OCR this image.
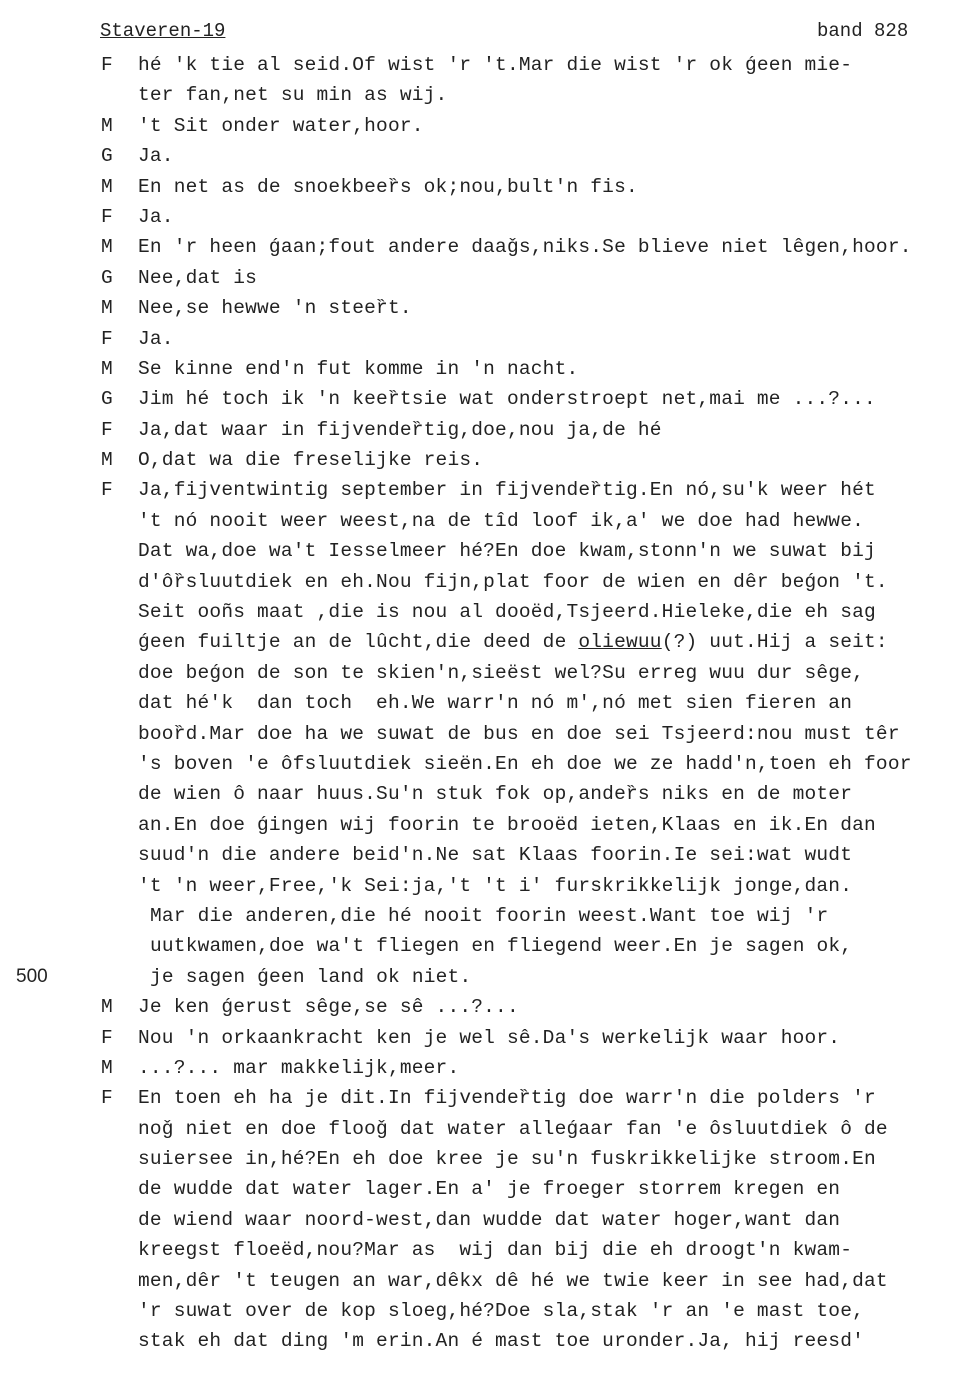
Staveren-19	band 828
F hé 'k tie al seid.Of wist 'r 't.Mar die wist 'r ok ǵeen mie-
ter fan,net su min as wij.
M 't Sit onder water,hoor.
G Ja.
M En net as de snoekbeeȑs ok;nou,bult'n fis.
F Ja.
M En 'r heen ǵaan;fout andere daaǧs,niks.Se blieve niet lêgen,hoor.
G Nee,dat is
M Nee,se hewwe 'n steeȑt.
F Ja.
M Se kinne end'n fut komme in 'n nacht.
G Jim hé toch ik 'n keeȑtsie wat onderstroept net,mai me ...?...
F Ja,dat waar in fijvendeȑtig,doe,nou ja,de hé
M O,dat wa die freselijke reis.
F Ja,fijventwintig september in fijvendeȑtig.En nó,su'k weer hét
't nó nooit weer weest,na de tîd loof ik,a' we doe had hewwe.
Dat wa,doe wa't Iesselmeer hé?En doe kwam,stonn'n we suwat bij
d'ôȑsluutdiek en eh.Nou fijn,plat foor de wien en dêr beǵon 't.
Seit ooñs maat ,die is nou al dooëd,Tsjeerd.Hieleke,die eh sag
ǵeen fuiltje an de lûcht,die deed de oliewuu(?) uut.Hij a seit:
doe beǵon de son te skien'n,sieëst wel?Su erreg wuu dur sêge,
dat hé'k  dan toch  eh.We warr'n nó m',nó met sien fieren an
booȑd.Mar doe ha we suwat de bus en doe sei Tsjeerd:nou must têr
's boven 'e ôfsluutdiek sieën.En eh doe we ze hadd'n,toen eh foor
de wien ô naar huus.Su'n stuk fok op,andeȑs niks en de moter
an.En doe ǵingen wij foorin te brooëd ieten,Klaas en ik.En dan
suud'n die andere beid'n.Ne sat Klaas foorin.Ie sei:wat wudt
't 'n weer,Free,'k Sei:ja,'t 't i' furskrikkelijk jonge,dan.
Mar die anderen,die hé nooit foorin weest.Want toe wij 'r
uutkwamen,doe wa't fliegen en fliegend weer.En je sagen ok,
je sagen ǵeen land ok niet.
M Je ken ǵerust sêge,se sê ...?...
F Nou 'n orkaankracht ken je wel sê.Da's werkelijk waar hoor.
M ...?... mar makkelijk,meer.
F En toen eh ha je dit.In fijvendeȑtig doe warr'n die polders 'r
noǧ niet en doe flooǧ dat water alleǵaar fan 'e ôsluutdiek ô de
suiersee in,hé?En eh doe kree je su'n fuskrikkelijke stroom.En
de wudde dat water lager.En a' je froeger storrem kregen en
de wiend waar noord-west,dan wudde dat water hoger,want dan
kreegst floeëd,nou?Mar as  wij dan bij die eh droogt'n kwam-
men,dêr 't teugen an war,dêkx dê hé we twie keer in see had,dat
'r suwat over de kop sloeg,hé?Doe sla,stak 'r an 'e mast toe,
stak eh dat ding 'm erin.An é mast toe uronder.Ja, hij reesd'
500
